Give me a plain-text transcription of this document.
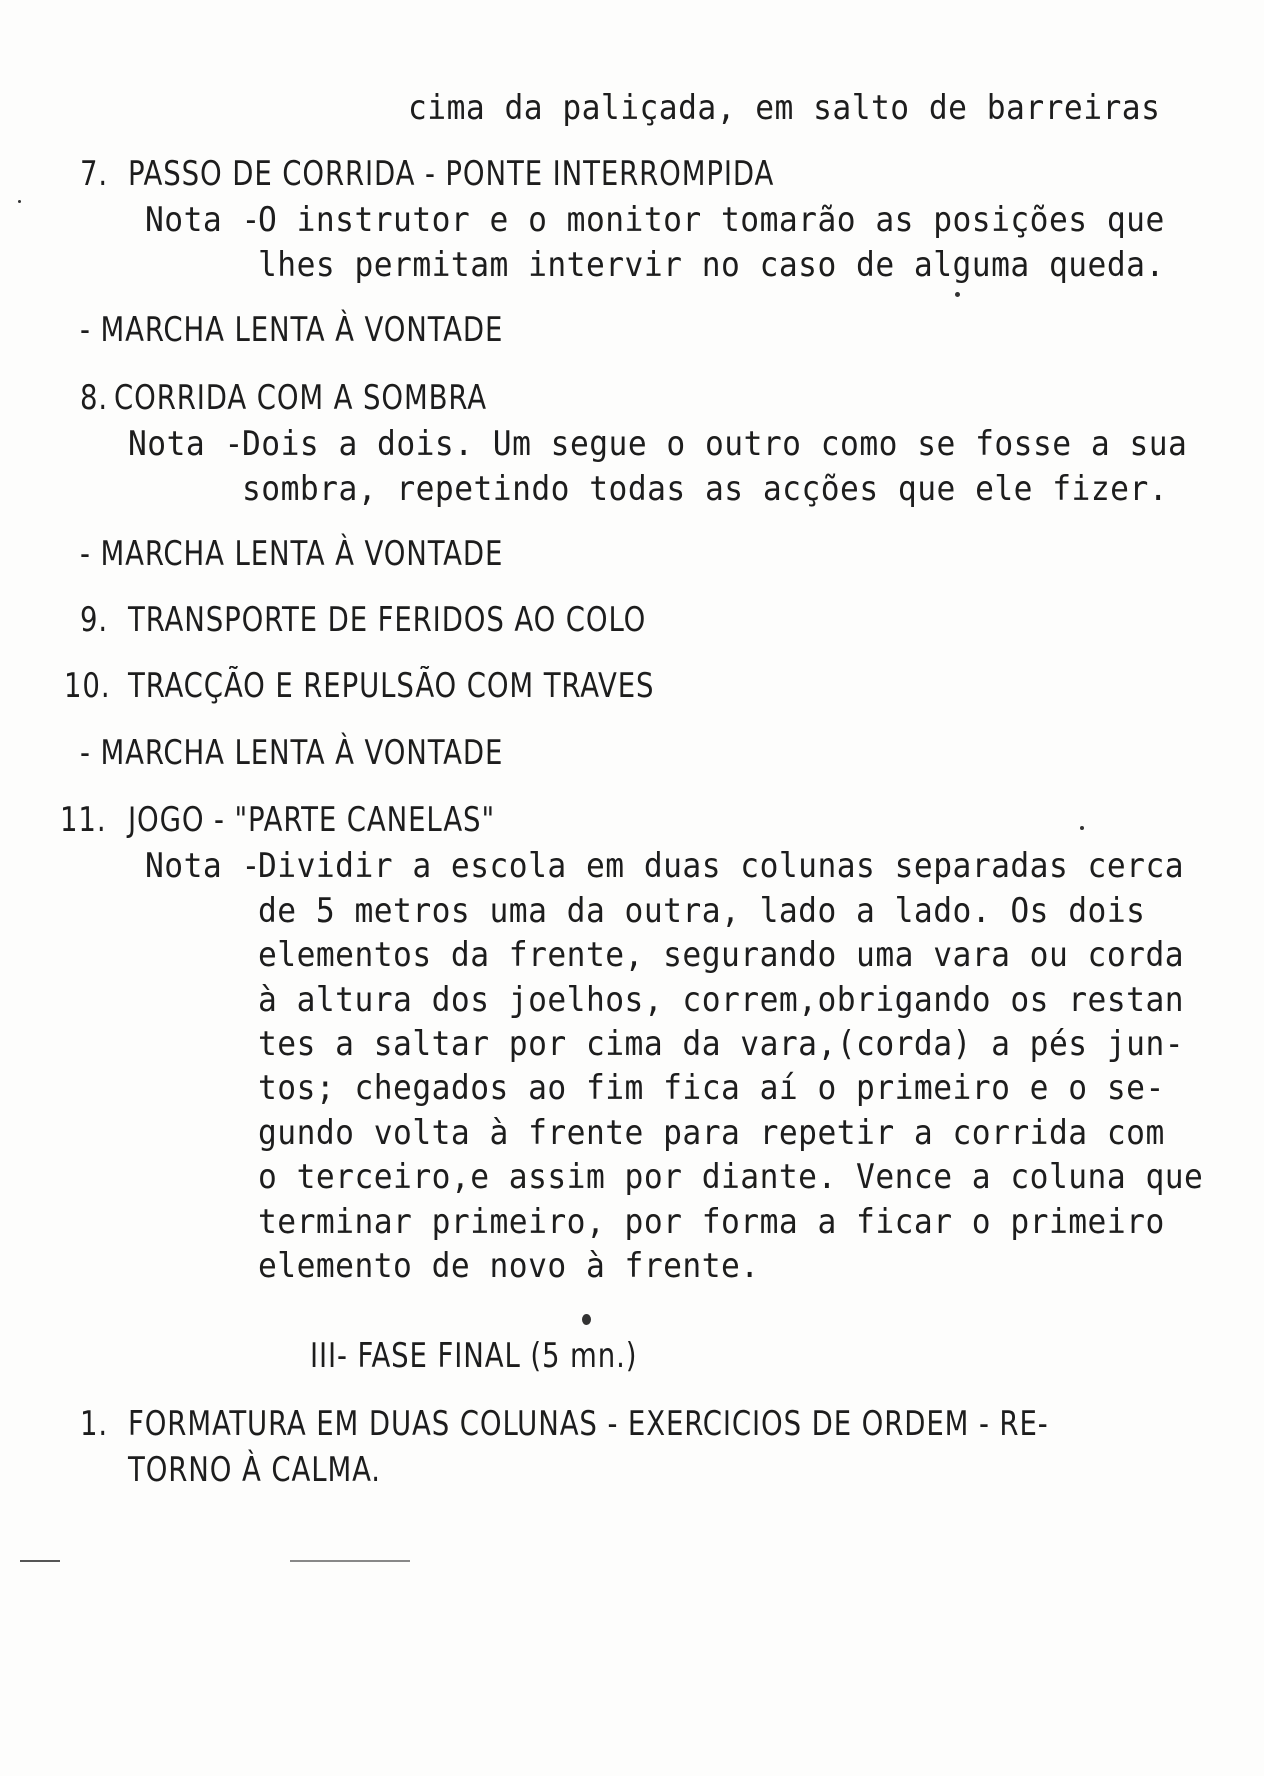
cima da paliçada, em salto de barreiras
7. PASSO DE CORRIDA - PONTE INTERROMPIDA
Nota -
O instrutor e o monitor tomarão as posições que
lhes permitam intervir no caso de alguma queda.
- MARCHA LENTA À VONTADE
8. CORRIDA COM A SOMBRA
Nota -
Dois a dois. Um segue o outro como se fosse a sua
sombra, repetindo todas as acções que ele fizer.
- MARCHA LENTA À VONTADE
9. TRANSPORTE DE FERIDOS AO COLO
10. TRACÇÃO E REPULSÃO COM TRAVES
- MARCHA LENTA À VONTADE
11. JOGO - "PARTE CANELAS"
Nota -
Dividir a escola em duas colunas separadas cerca
de 5 metros uma da outra, lado a lado. Os dois
elementos da frente, segurando uma vara ou corda
à altura dos joelhos, correm,obrigando os restan
tes a saltar por cima da vara,(corda) a pés jun-
tos; chegados ao fim fica aí o primeiro e o se-
gundo volta à frente para repetir a corrida com
o terceiro,e assim por diante. Vence a coluna que
terminar primeiro, por forma a ficar o primeiro
elemento de novo à frente.
III- FASE FINAL (5 mn.)
1. FORMATURA EM DUAS COLUNAS - EXERCICIOS DE ORDEM - RE-
TORNO À CALMA.
